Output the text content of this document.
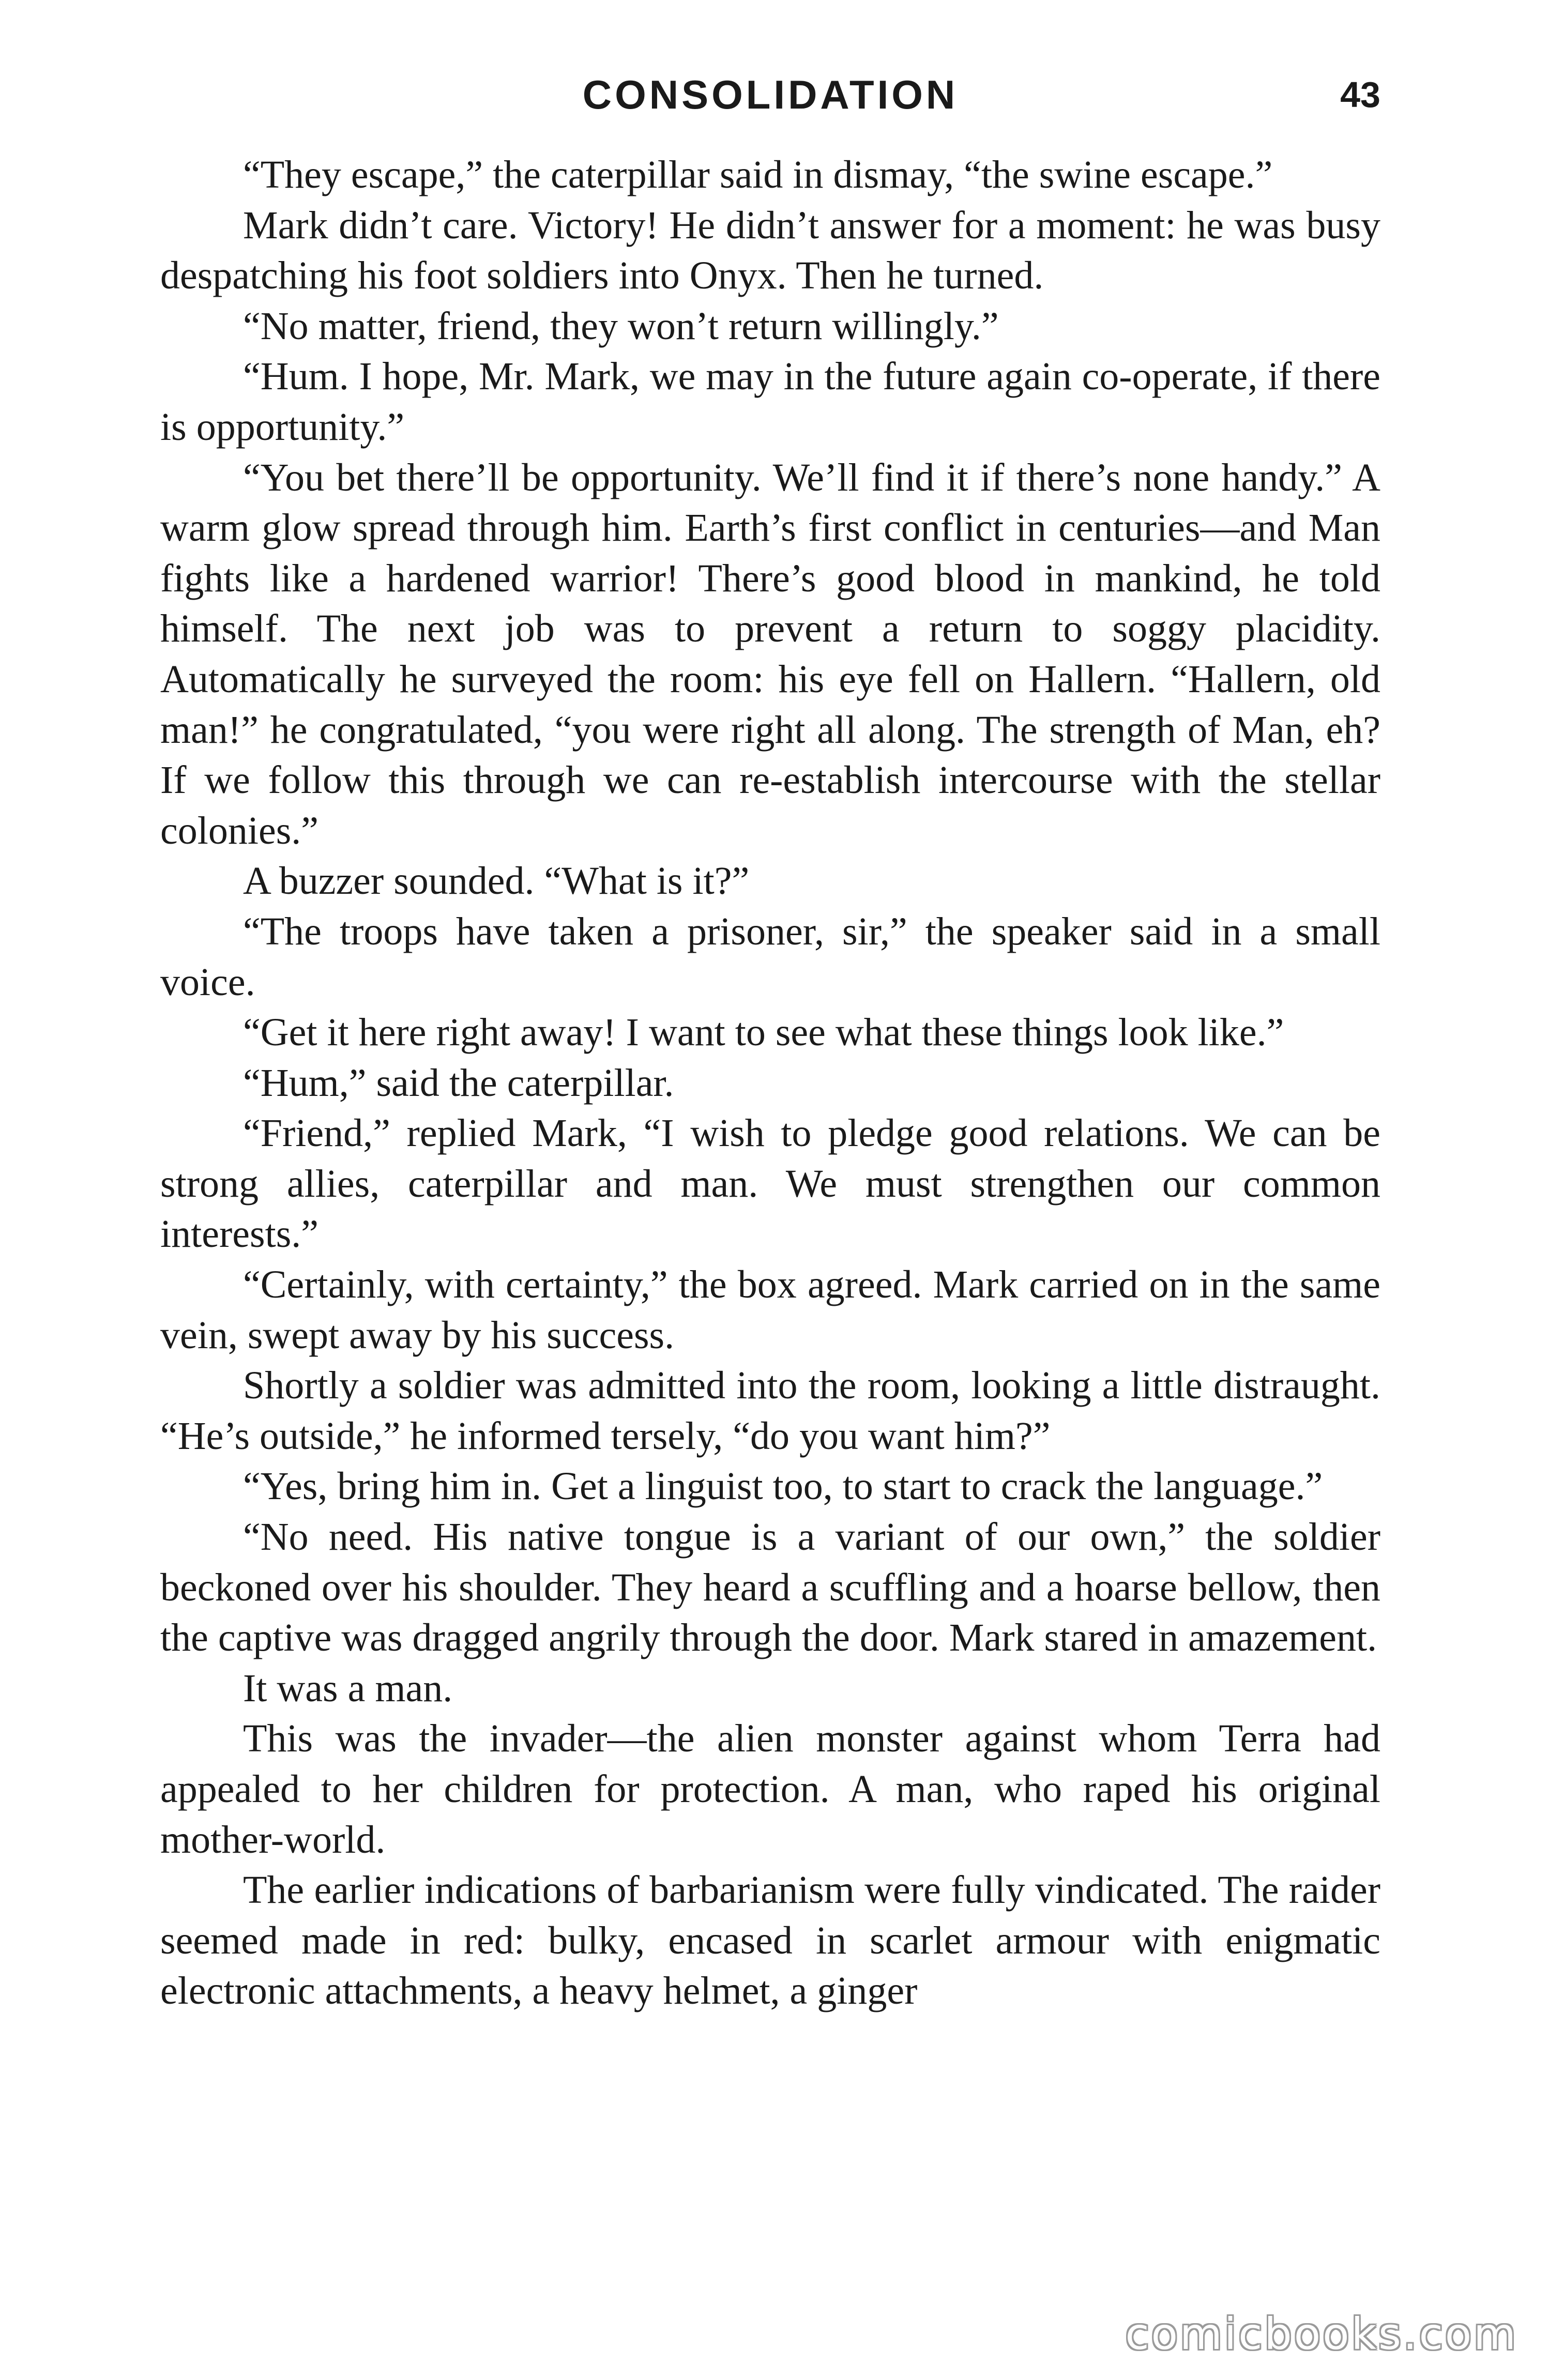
CONSOLIDATION	43

“They escape,” the caterpillar said in dismay, “the swine escape.”

Mark didn’t care. Victory! He didn’t answer for a moment: he was busy despatching his foot soldiers into Onyx. Then he turned.

“No matter, friend, they won’t return willingly.”

“Hum. I hope, Mr. Mark, we may in the future again co-operate, if there is opportunity.”

“You bet there’ll be opportunity. We’ll find it if there’s none handy.” A warm glow spread through him. Earth’s first conflict in centuries—and Man fights like a hardened warrior! There’s good blood in mankind, he told himself. The next job was to prevent a return to soggy placidity. Automatically he surveyed the room: his eye fell on Hallern. “Hallern, old man!” he congratulated, “you were right all along. The strength of Man, eh? If we follow this through we can re-establish intercourse with the stellar colonies.”

A buzzer sounded. “What is it?”

“The troops have taken a prisoner, sir,” the speaker said in a small voice.

“Get it here right away! I want to see what these things look like.”

“Hum,” said the caterpillar.

“Friend,” replied Mark, “I wish to pledge good relations. We can be strong allies, caterpillar and man. We must strengthen our common interests.”

“Certainly, with certainty,” the box agreed. Mark carried on in the same vein, swept away by his success.

Shortly a soldier was admitted into the room, looking a little distraught. “He’s outside,” he informed tersely, “do you want him?”

“Yes, bring him in. Get a linguist too, to start to crack the language.”

“No need. His native tongue is a variant of our own,” the soldier beckoned over his shoulder. They heard a scuffling and a hoarse bellow, then the captive was dragged angrily through the door. Mark stared in amazement.

It was a man.

This was the invader—the alien monster against whom Terra had appealed to her children for protection. A man, who raped his original mother-world.

The earlier indications of barbarianism were fully vindicated. The raider seemed made in red: bulky, encased in scarlet armour with enigmatic electronic attachments, a heavy helmet, a ginger

comicbooks.com
